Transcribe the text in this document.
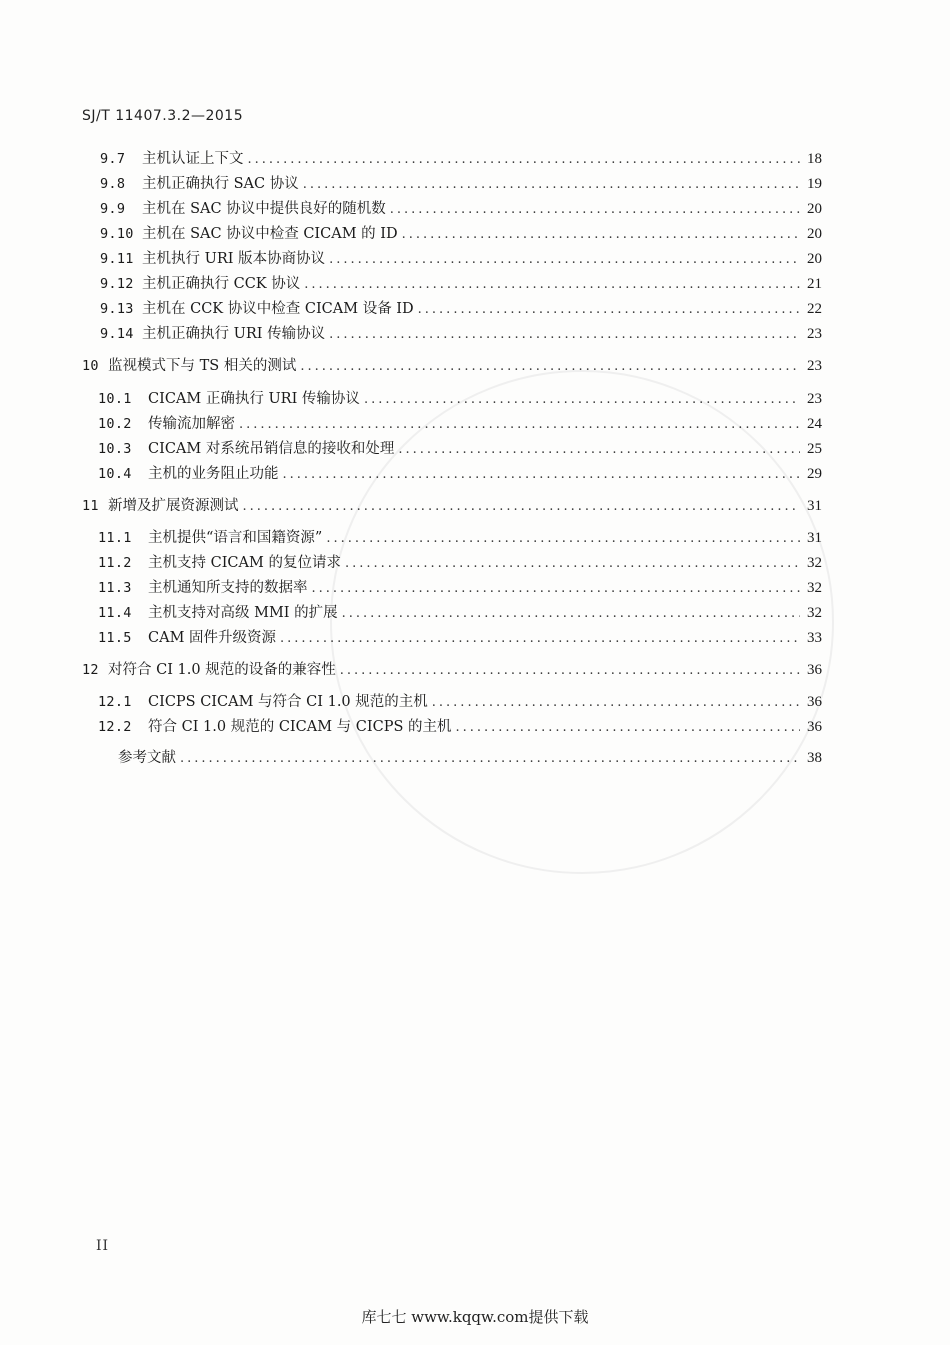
SJ/T 11407.3.2—2015
9.7	主机认证上下文 .....	18
9.8	主机正确执行 SAC 协议 .....	19
9.9	主机在 SAC 协议中提供良好的随机数 .....	20
9.10 主机在 SAC 协议中检查 CICAM 的 ID .....	20
9.11 主机执行 URI 版本协商协议 .....	20
9.12 主机正确执行 CCK 协议 .....	21
9.13 主机在 CCK 协议中检查 CICAM 设备 ID .....	22
9.14 主机正确执行 URI 传输协议 .....	23
10 监视模式下与 TS 相关的测试 .....	23
10.1	CICAM 正确执行 URI 传输协议 .....	23
10.2	传输流加解密 .....	24
10.3	CICAM 对系统吊销信息的接收和处理 .....	25
10.4	主机的业务阻止功能 .....	29
11 新增及扩展资源测试 .....	31
11.1	主机提供“语言和国籍资源” .....	31
11.2	主机支持 CICAM 的复位请求 .....	32
11.3	主机通知所支持的数据率 .....	32
11.4	主机支持对高级 MMI 的扩展 .....	32
11.5	CAM 固件升级资源 .....	33
12 对符合 CI 1.0 规范的设备的兼容性 .....	36
12.1	CICPS CICAM 与符合 CI 1.0 规范的主机 .....	36
12.2	符合 CI 1.0 规范的 CICAM 与 CICPS 的主机 .....	36
参考文献 .....	38
II
库七七 www.kqqw.com提供下载
